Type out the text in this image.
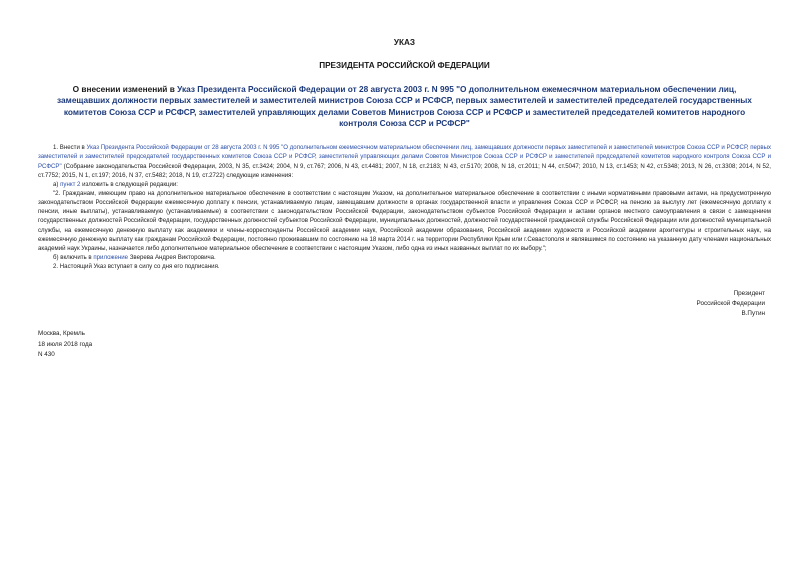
УКАЗ
ПРЕЗИДЕНТА РОССИЙСКОЙ ФЕДЕРАЦИИ
О внесении изменений в Указ Президента Российской Федерации от 28 августа 2003 г. N 995 "О дополнительном ежемесячном материальном обеспечении лиц, замещавших должности первых заместителей и заместителей министров Союза ССР и РСФСР, первых заместителей и заместителей председателей государственных комитетов Союза ССР и РСФСР, заместителей управляющих делами Советов Министров Союза ССР и РСФСР и заместителей председателей комитетов народного контроля Союза ССР и РСФСР"

1. Внести в Указ Президента Российской Федерации от 28 августа 2003 г. N 995 "О дополнительном ежемесячном материальном обеспечении лиц, замещавших должности первых заместителей и заместителей министров Союза ССР и РСФСР, первых заместителей и заместителей председателей государственных комитетов Союза ССР и РСФСР, заместителей управляющих делами Советов Министров Союза ССР и РСФСР и заместителей председателей комитетов народного контроля Союза ССР и РСФСР" (Собрание законодательства Российской Федерации, 2003, N 35, ст.3424; 2004, N 9, ст.767; 2006, N 43, ст.4481; 2007, N 18, ст.2183; N 43, ст.5170; 2008, N 18, ст.2011; N 44, ст.5047; 2010, N 13, ст.1453; N 42, ст.5348; 2013, N 26, ст.3308; 2014, N 52, ст.7752; 2015, N 1, ст.197; 2016, N 37, ст.5482; 2018, N 19, ст.2722) следующие изменения:

а) пункт 2 изложить в следующей редакции:

"2. Гражданам, имеющим право на дополнительное материальное обеспечение в соответствии с настоящим Указом, на дополнительное материальное обеспечение в соответствии с иными нормативными правовыми актами, на предусмотренную законодательством Российской Федерации ежемесячную доплату к пенсии, устанавливаемую лицам, замещавшим должности в органах государственной власти и управления Союза ССР и РСФСР, на пенсию за выслугу лет (ежемесячную доплату к пенсии, иные выплаты), устанавливаемую (устанавливаемые) в соответствии с законодательством Российской Федерации, законодательством субъектов Российской Федерации и актами органов местного самоуправления в связи с замещением государственных должностей Российской Федерации, государственных должностей субъектов Российской Федерации, муниципальных должностей, должностей государственной гражданской службы Российской Федерации или должностей муниципальной службы, на ежемесячную денежную выплату как академики и члены-корреспонденты Российской академии наук, Российской академии образования, Российской академии художеств и Российской академии архитектуры и строительных наук, на ежемесячную денежную выплату как гражданам Российской Федерации, постоянно проживавшим по состоянию на 18 марта 2014 г. на территории Республики Крым или г.Севастополя и являвшимся по состоянию на указанную дату членами национальных академий наук Украины, назначается либо дополнительное материальное обеспечение в соответствии с настоящим Указом, либо одна из иных названных выплат по их выбору.";

б) включить в приложение Зверева Андрея Викторовича.

2. Настоящий Указ вступает в силу со дня его подписания.

Президент
Российской Федерации
В.Путин
Москва, Кремль
18 июля 2018 года
N 430
